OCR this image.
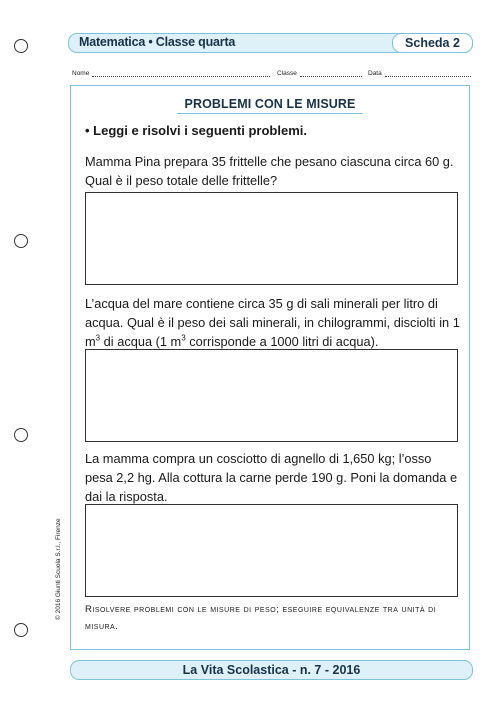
Matematica • Classe quarta	Scheda 2
Nome	Classe	Data
PROBLEMI CON LE MISURE
• Leggi e risolvi i seguenti problemi.
Mamma Pina prepara 35 frittelle che pesano ciascuna circa 60 g. Qual è il peso totale delle frittelle?
L’acqua del mare contiene circa 35 g di sali minerali per litro di acqua. Qual è il peso dei sali minerali, in chilogrammi, disciolti in 1 $m^3$ di acqua (1 $m^3$ corrisponde a 1000 litri di acqua).
La mamma compra un cosciotto di agnello di 1,650 kg; l’osso pesa 2,2 hg. Alla cottura la carne perde 190 g. Poni la domanda e dai la risposta.
Risolvere problemi con le misure di peso; eseguire equivalenze tra unità di misura.
La Vita Scolastica - n. 7 - 2016
© 2016 Giunti Scuola S.r.l., Firenze
